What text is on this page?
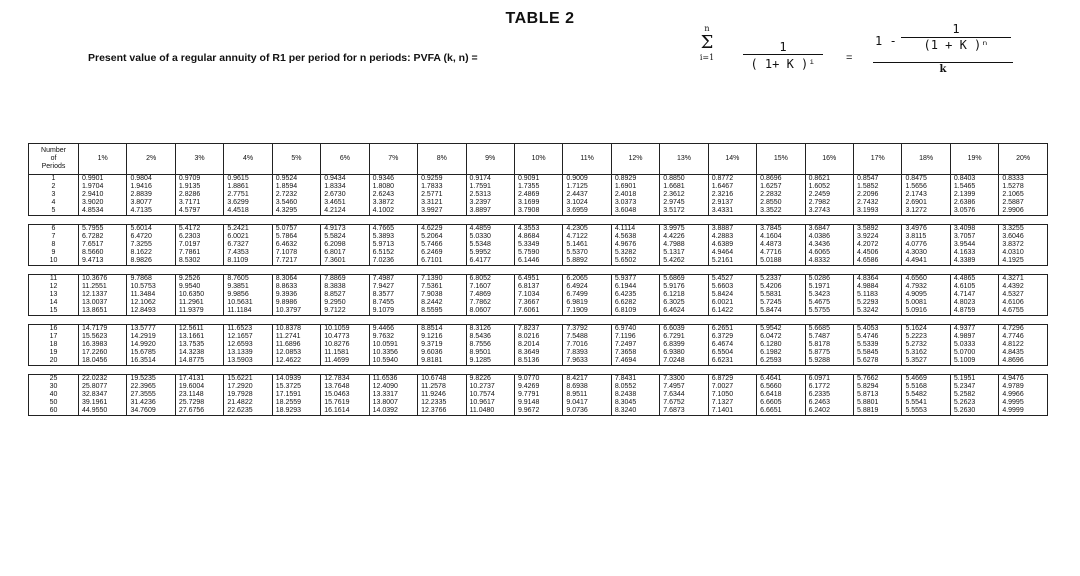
TABLE 2
Present value of a regular annuity of R1 per period for n periods: PVFA (k, n) =
n
Σ
i=1	$\frac{1}{\text{( 1+ K )ⁱ}}$ =
$1 - \frac{1}{\text{(1 + K )ⁿ}}$
k
Number
of
Periods	1%	2%	3%	4%	5%	6%	7%	8%	9%	10%	11%	12%	13%	14%	15%	16%	17%	18%	19%	20%
1	0.9901	0.9804	0.9709	0.9615	0.9524	0.9434	0.9346	0.9259	0.9174	0.9091	0.9009	0.8929	0.8850	0.8772	0.8696	0.8621	0.8547	0.8475	0.8403	0.8333
2	1.9704	1.9416	1.9135	1.8861	1.8594	1.8334	1.8080	1.7833	1.7591	1.7355	1.7125	1.6901	1.6681	1.6467	1.6257	1.6052	1.5852	1.5656	1.5465	1.5278
3	2.9410	2.8839	2.8286	2.7751	2.7232	2.6730	2.6243	2.5771	2.5313	2.4869	2.4437	2.4018	2.3612	2.3216	2.2832	2.2459	2.2096	2.1743	2.1399	2.1065
4	3.9020	3.8077	3.7171	3.6299	3.5460	3.4651	3.3872	3.3121	3.2397	3.1699	3.1024	3.0373	2.9745	2.9137	2.8550	2.7982	2.7432	2.6901	2.6386	2.5887
5	4.8534	4.7135	4.5797	4.4518	4.3295	4.2124	4.1002	3.9927	3.8897	3.7908	3.6959	3.6048	3.5172	3.4331	3.3522	3.2743	3.1993	3.1272	3.0576	2.9906

6	5.7955	5.6014	5.4172	5.2421	5.0757	4.9173	4.7665	4.6229	4.4859	4.3553	4.2305	4.1114	3.9975	3.8887	3.7845	3.6847	3.5892	3.4976	3.4098	3.3255
7	6.7282	6.4720	6.2303	6.0021	5.7864	5.5824	5.3893	5.2064	5.0330	4.8684	4.7122	4.5638	4.4226	4.2883	4.1604	4.0386	3.9224	3.8115	3.7057	3.6046
8	7.6517	7.3255	7.0197	6.7327	6.4632	6.2098	5.9713	5.7466	5.5348	5.3349	5.1461	4.9676	4.7988	4.6389	4.4873	4.3436	4.2072	4.0776	3.9544	3.8372
9	8.5660	8.1622	7.7861	7.4353	7.1078	6.8017	6.5152	6.2469	5.9952	5.7590	5.5370	5.3282	5.1317	4.9464	4.7716	4.6065	4.4506	4.3030	4.1633	4.0310
10	9.4713	8.9826	8.5302	8.1109	7.7217	7.3601	7.0236	6.7101	6.4177	6.1446	5.8892	5.6502	5.4262	5.2161	5.0188	4.8332	4.6586	4.4941	4.3389	4.1925

11	10.3676	9.7868	9.2526	8.7605	8.3064	7.8869	7.4987	7.1390	6.8052	6.4951	6.2065	5.9377	5.6869	5.4527	5.2337	5.0286	4.8364	4.6560	4.4865	4.3271
12	11.2551	10.5753	9.9540	9.3851	8.8633	8.3838	7.9427	7.5361	7.1607	6.8137	6.4924	6.1944	5.9176	5.6603	5.4206	5.1971	4.9884	4.7932	4.6105	4.4392
13	12.1337	11.3484	10.6350	9.9856	9.3936	8.8527	8.3577	7.9038	7.4869	7.1034	6.7499	6.4235	6.1218	5.8424	5.5831	5.3423	5.1183	4.9095	4.7147	4.5327
14	13.0037	12.1062	11.2961	10.5631	9.8986	9.2950	8.7455	8.2442	7.7862	7.3667	6.9819	6.6282	6.3025	6.0021	5.7245	5.4675	5.2293	5.0081	4.8023	4.6106
15	13.8651	12.8493	11.9379	11.1184	10.3797	9.7122	9.1079	8.5595	8.0607	7.6061	7.1909	6.8109	6.4624	6.1422	5.8474	5.5755	5.3242	5.0916	4.8759	4.6755

16	14.7179	13.5777	12.5611	11.6523	10.8378	10.1059	9.4466	8.8514	8.3126	7.8237	7.3792	6.9740	6.6039	6.2651	5.9542	5.6685	5.4053	5.1624	4.9377	4.7296
17	15.5623	14.2919	13.1661	12.1657	11.2741	10.4773	9.7632	9.1216	8.5436	8.0216	7.5488	7.1196	6.7291	6.3729	6.0472	5.7487	5.4746	5.2223	4.9897	4.7746
18	16.3983	14.9920	13.7535	12.6593	11.6896	10.8276	10.0591	9.3719	8.7556	8.2014	7.7016	7.2497	6.8399	6.4674	6.1280	5.8178	5.5339	5.2732	5.0333	4.8122
19	17.2260	15.6785	14.3238	13.1339	12.0853	11.1581	10.3356	9.6036	8.9501	8.3649	7.8393	7.3658	6.9380	6.5504	6.1982	5.8775	5.5845	5.3162	5.0700	4.8435
20	18.0456	16.3514	14.8775	13.5903	12.4622	11.4699	10.5940	9.8181	9.1285	8.5136	7.9633	7.4694	7.0248	6.6231	6.2593	5.9288	5.6278	5.3527	5.1009	4.8696

25	22.0232	19.5235	17.4131	15.6221	14.0939	12.7834	11.6536	10.6748	9.8226	9.0770	8.4217	7.8431	7.3300	6.8729	6.4641	6.0971	5.7662	5.4669	5.1951	4.9476
30	25.8077	22.3965	19.6004	17.2920	15.3725	13.7648	12.4090	11.2578	10.2737	9.4269	8.6938	8.0552	7.4957	7.0027	6.5660	6.1772	5.8294	5.5168	5.2347	4.9789
40	32.8347	27.3555	23.1148	19.7928	17.1591	15.0463	13.3317	11.9246	10.7574	9.7791	8.9511	8.2438	7.6344	7.1050	6.6418	6.2335	5.8713	5.5482	5.2582	4.9966
50	39.1961	31.4236	25.7298	21.4822	18.2559	15.7619	13.8007	12.2335	10.9617	9.9148	9.0417	8.3045	7.6752	7.1327	6.6605	6.2463	5.8801	5.5541	5.2623	4.9995
60	44.9550	34.7609	27.6756	22.6235	18.9293	16.1614	14.0392	12.3766	11.0480	9.9672	9.0736	8.3240	7.6873	7.1401	6.6651	6.2402	5.8819	5.5553	5.2630	4.9999
